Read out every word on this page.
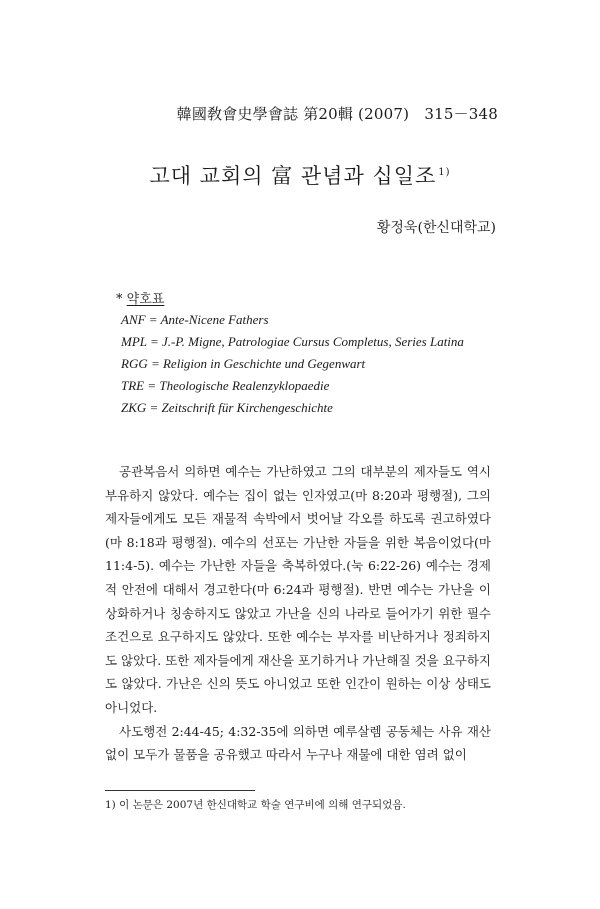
韓國敎會史學會誌 第20輯 (2007)　315－348
고대 교회의 富 관념과 십일조 $^{1)}$
황정욱(한신대학교)
* 약호표
ANF = Ante-Nicene Fathers
MPL = J.-P. Migne, Patrologiae Cursus Completus, Series Latina
RGG = Religion in Geschichte und Gegenwart
TRE = Theologische Realenzyklopaedie
ZKG = Zeitschrift für Kirchengeschichte

공관복음서 의하면 예수는 가난하였고 그의 대부분의 제자들도 역시 부유하지 않았다. 예수는 집이 없는 인자였고(마 8:20과 평행절), 그의 제자들에게도 모든 재물적 속박에서 벗어날 각오를 하도록 권고하였다(마 8:18과 평행절). 예수의 선포는 가난한 자들을 위한 복음이었다(마 11:4-5). 예수는 가난한 자들을 축복하였다.(눅 6:22-26) 예수는 경제적 안전에 대해서 경고한다(마 6:24과 평행절). 반면 예수는 가난을 이상화하거나 칭송하지도 않았고 가난을 신의 나라로 들어가기 위한 필수 조건으로 요구하지도 않았다. 또한 예수는 부자를 비난하거나 정죄하지도 않았다. 또한 제자들에게 재산을 포기하거나 가난해질 것을 요구하지도 않았다. 가난은 신의 뜻도 아니었고 또한 인간이 원하는 이상 상태도 아니었다.

사도행전 2:44-45; 4:32-35에 의하면 예루살렘 공동체는 사유 재산 없이 모두가 물품을 공유했고 따라서 누구나 재물에 대한 염려 없이

1) 이 논문은 2007년 한신대학교 학술 연구비에 의해 연구되었음.
